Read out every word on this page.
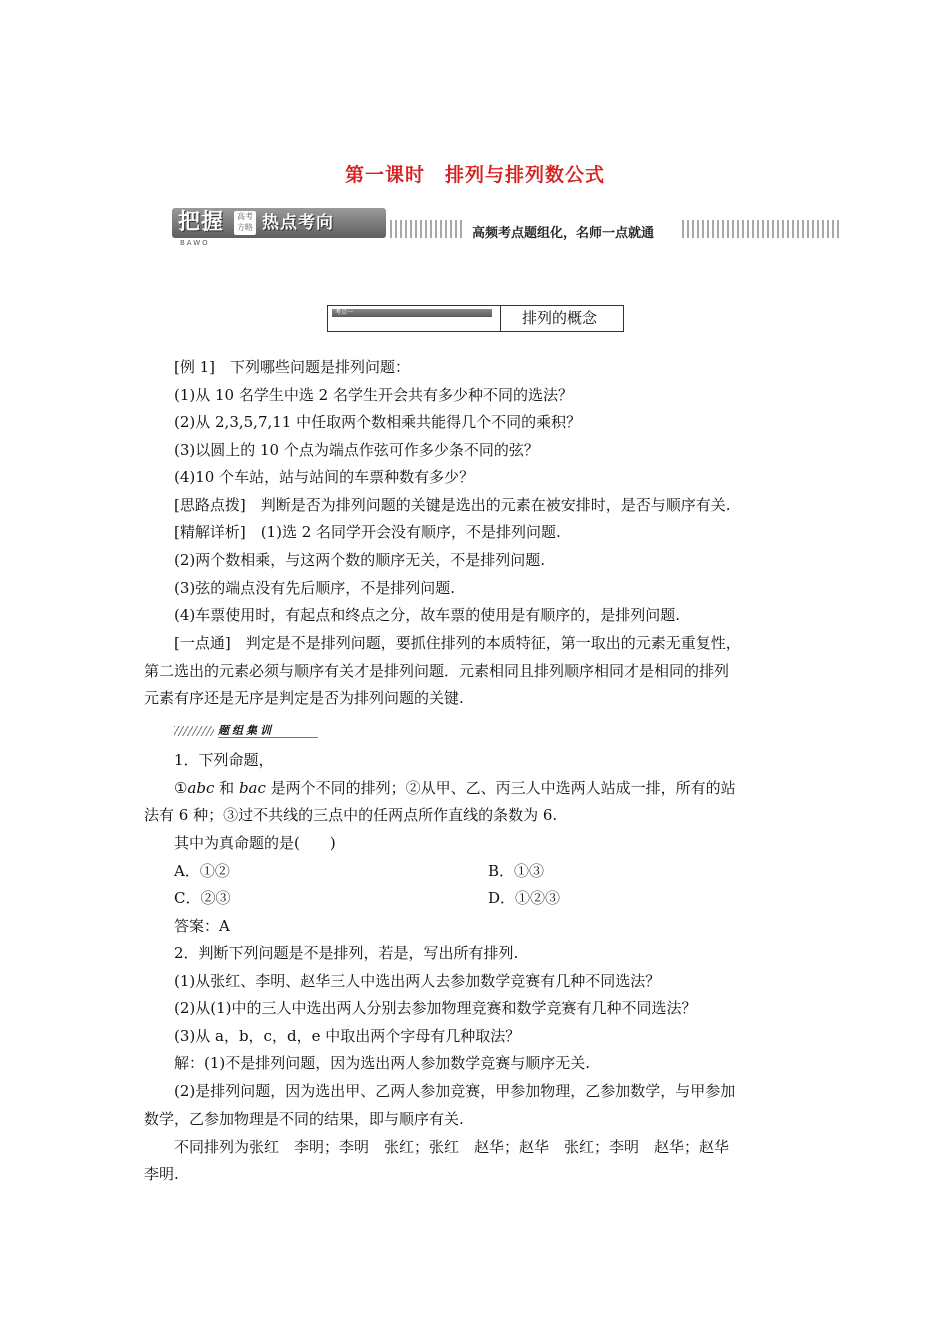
第一课时　排列与排列数公式
把握	高考 方略 热点考向
BAWO
高频考点题组化，名师一点就通
考点一	排列的概念
[例 1]　下列哪些问题是排列问题：
(1)从 10 名学生中选 2 名学生开会共有多少种不同的选法？
(2)从 2,3,5,7,11 中任取两个数相乘共能得几个不同的乘积？
(3)以圆上的 10 个点为端点作弦可作多少条不同的弦？
(4)10 个车站，站与站间的车票种数有多少？
[思路点拨]　判断是否为排列问题的关键是选出的元素在被安排时，是否与顺序有关.
[精解详析]　(1)选 2 名同学开会没有顺序，不是排列问题.
(2)两个数相乘，与这两个数的顺序无关，不是排列问题.
(3)弦的端点没有先后顺序，不是排列问题.
(4)车票使用时，有起点和终点之分，故车票的使用是有顺序的，是排列问题.
[一点通]　判定是不是排列问题，要抓住排列的本质特征，第一取出的元素无重复性，
第二选出的元素必须与顺序有关才是排列问题．元素相同且排列顺序相同才是相同的排列
元素有序还是无序是判定是否为排列问题的关键.
题组集训
1．下列命题，
①abc 和 bac 是两个不同的排列；②从甲、乙、丙三人中选两人站成一排，所有的站
法有 6 种；③过不共线的三点中的任两点所作直线的条数为 6.
其中为真命题的是(　　)
A．①②	B．①③
C．②③	D．①②③
答案：A
2．判断下列问题是不是排列，若是，写出所有排列.
(1)从张红、李明、赵华三人中选出两人去参加数学竞赛有几种不同选法？
(2)从(1)中的三人中选出两人分别去参加物理竞赛和数学竞赛有几种不同选法？
(3)从 a，b，c，d，e 中取出两个字母有几种取法？
解：(1)不是排列问题，因为选出两人参加数学竞赛与顺序无关.
(2)是排列问题，因为选出甲、乙两人参加竞赛，甲参加物理，乙参加数学，与甲参加
数学，乙参加物理是不同的结果，即与顺序有关.
不同排列为张红　李明；李明　张红；张红　赵华；赵华　张红；李明　赵华；赵华
李明.
